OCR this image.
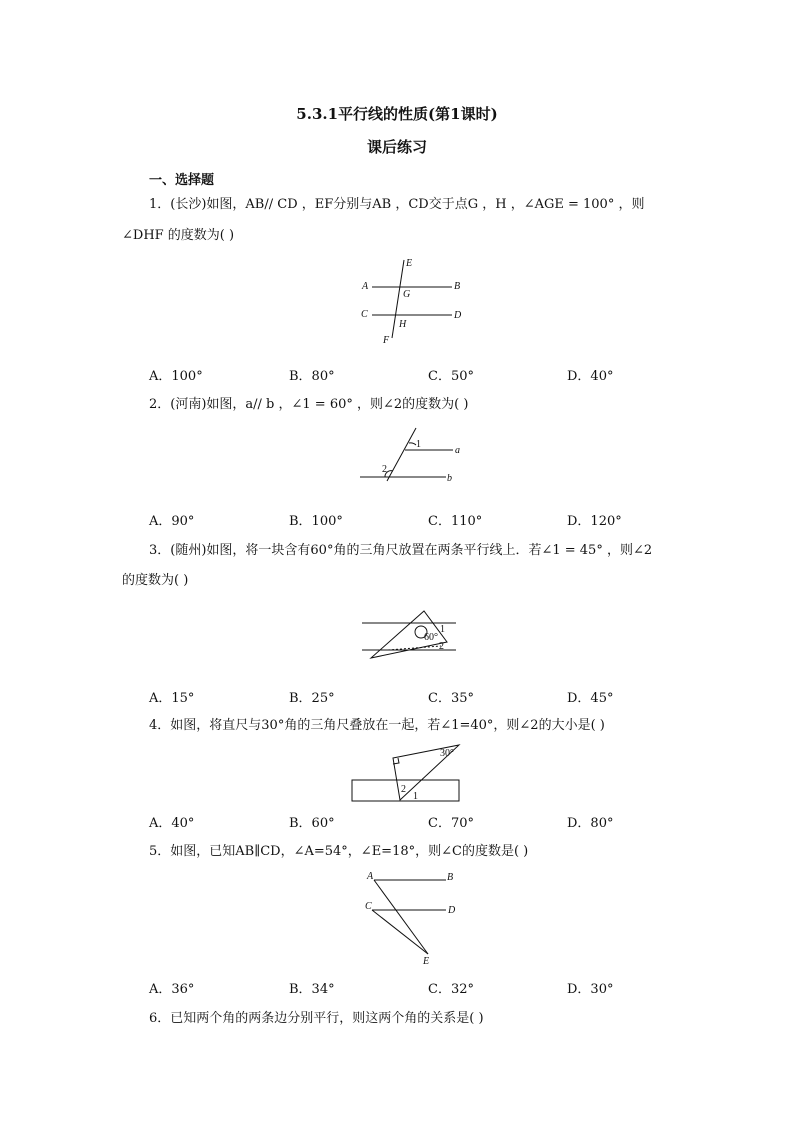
5.3.1平行线的性质(第1课时)
课后练习
一、选择题
1．(长沙)如图，AB// CD ，EF分别与AB ，CD交于点G ，H ，∠AGE = 100° ，则
∠DHF 的度数为( )
E
A
G
B
C
H
D
F
A．100°	B．80°	C．50°	D．40°
2．(河南)如图，a// b ，∠1 = 60° ，则∠2的度数为( )
1
a
2
b
A．90°	B．100°	C．110°	D．120°
3．(随州)如图，将一块含有60°角的三角尺放置在两条平行线上．若∠1 = 45° ，则∠2
的度数为( )
60°
1
2
A．15°	B．25°	C．35°	D．45°
4．如图，将直尺与30°角的三角尺叠放在一起，若∠1=40°，则∠2的大小是( )
30°
2
1
A．40°	B．60°	C．70°	D．80°
5．如图，已知AB∥CD，∠A=54°，∠E=18°，则∠C的度数是( )
A	B
C	D
E
A．36°	B．34°	C．32°	D．30°
6．已知两个角的两条边分别平行，则这两个角的关系是( )
